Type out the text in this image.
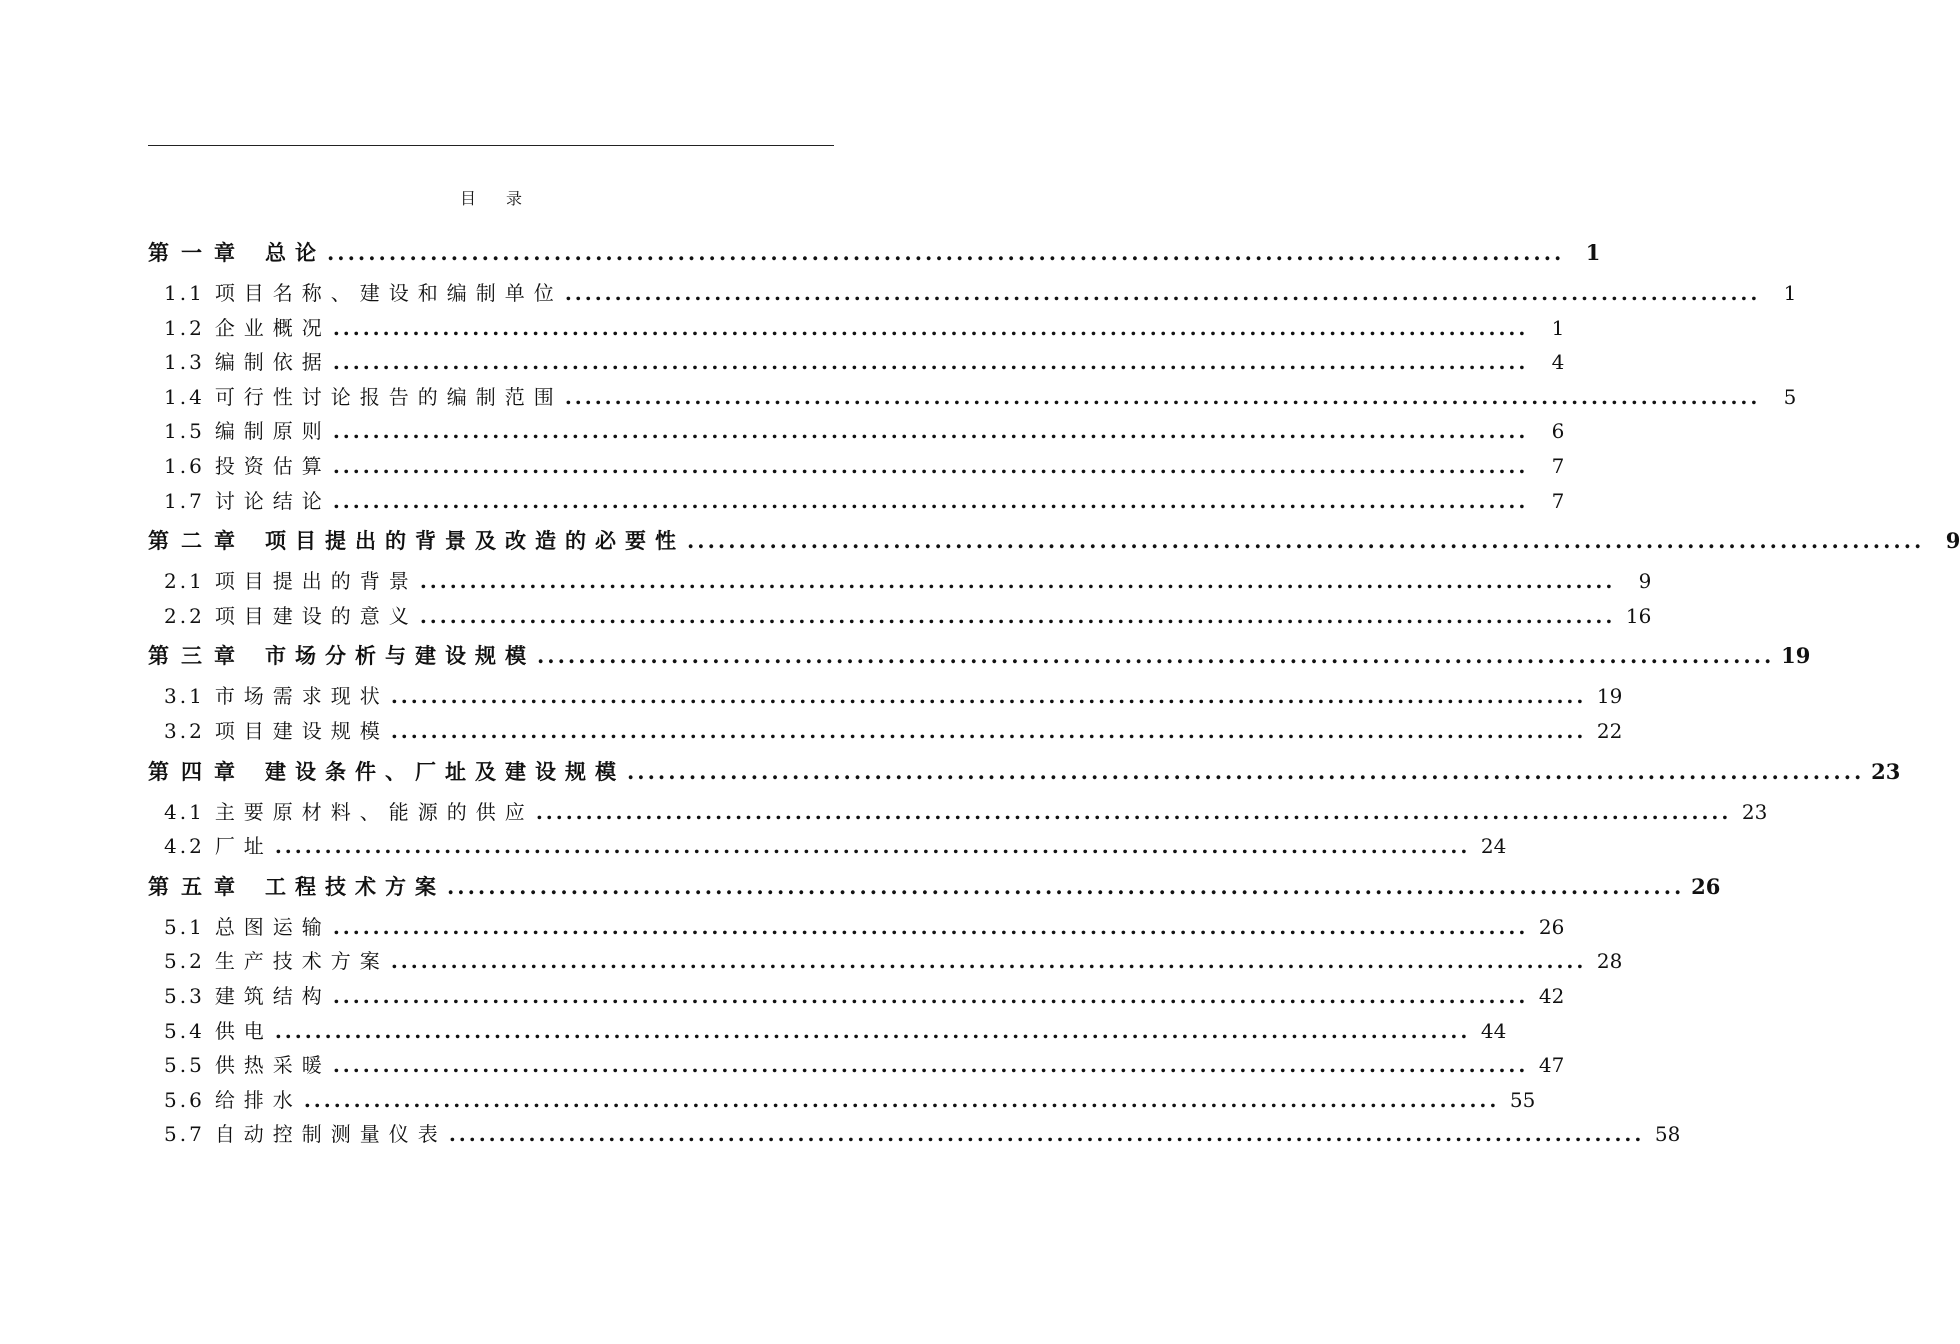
目录
第一章 总论 ........................................................................................................................	1
1.1 项目名称、建设和编制单位 ........................................................................................................................	1
1.2 企业概况 ........................................................................................................................	1
1.3 编制依据 ........................................................................................................................	4
1.4 可行性讨论报告的编制范围 ........................................................................................................................	5
1.5 编制原则 ........................................................................................................................	6
1.6 投资估算 ........................................................................................................................	7
1.7 讨论结论 ........................................................................................................................	7
第二章 项目提出的背景及改造的必要性 ........................................................................................................................	9
2.1 项目提出的背景 ........................................................................................................................	9
2.2 项目建设的意义 ........................................................................................................................ 16
第三章 市场分析与建设规模 ........................................................................................................................ 19
3.1 市场需求现状 ........................................................................................................................ 19
3.2 项目建设规模 ........................................................................................................................ 22
第四章 建设条件、厂址及建设规模 ........................................................................................................................ 23
4.1 主要原材料、能源的供应 ........................................................................................................................ 23
4.2 厂址 ........................................................................................................................ 24
第五章 工程技术方案 ........................................................................................................................ 26
5.1 总图运输 ........................................................................................................................ 26
5.2 生产技术方案 ........................................................................................................................ 28
5.3 建筑结构 ........................................................................................................................ 42
5.4 供电 ........................................................................................................................ 44
5.5 供热采暖 ........................................................................................................................ 47
5.6 给排水 ........................................................................................................................ 55
5.7 自动控制测量仪表 ........................................................................................................................ 58
